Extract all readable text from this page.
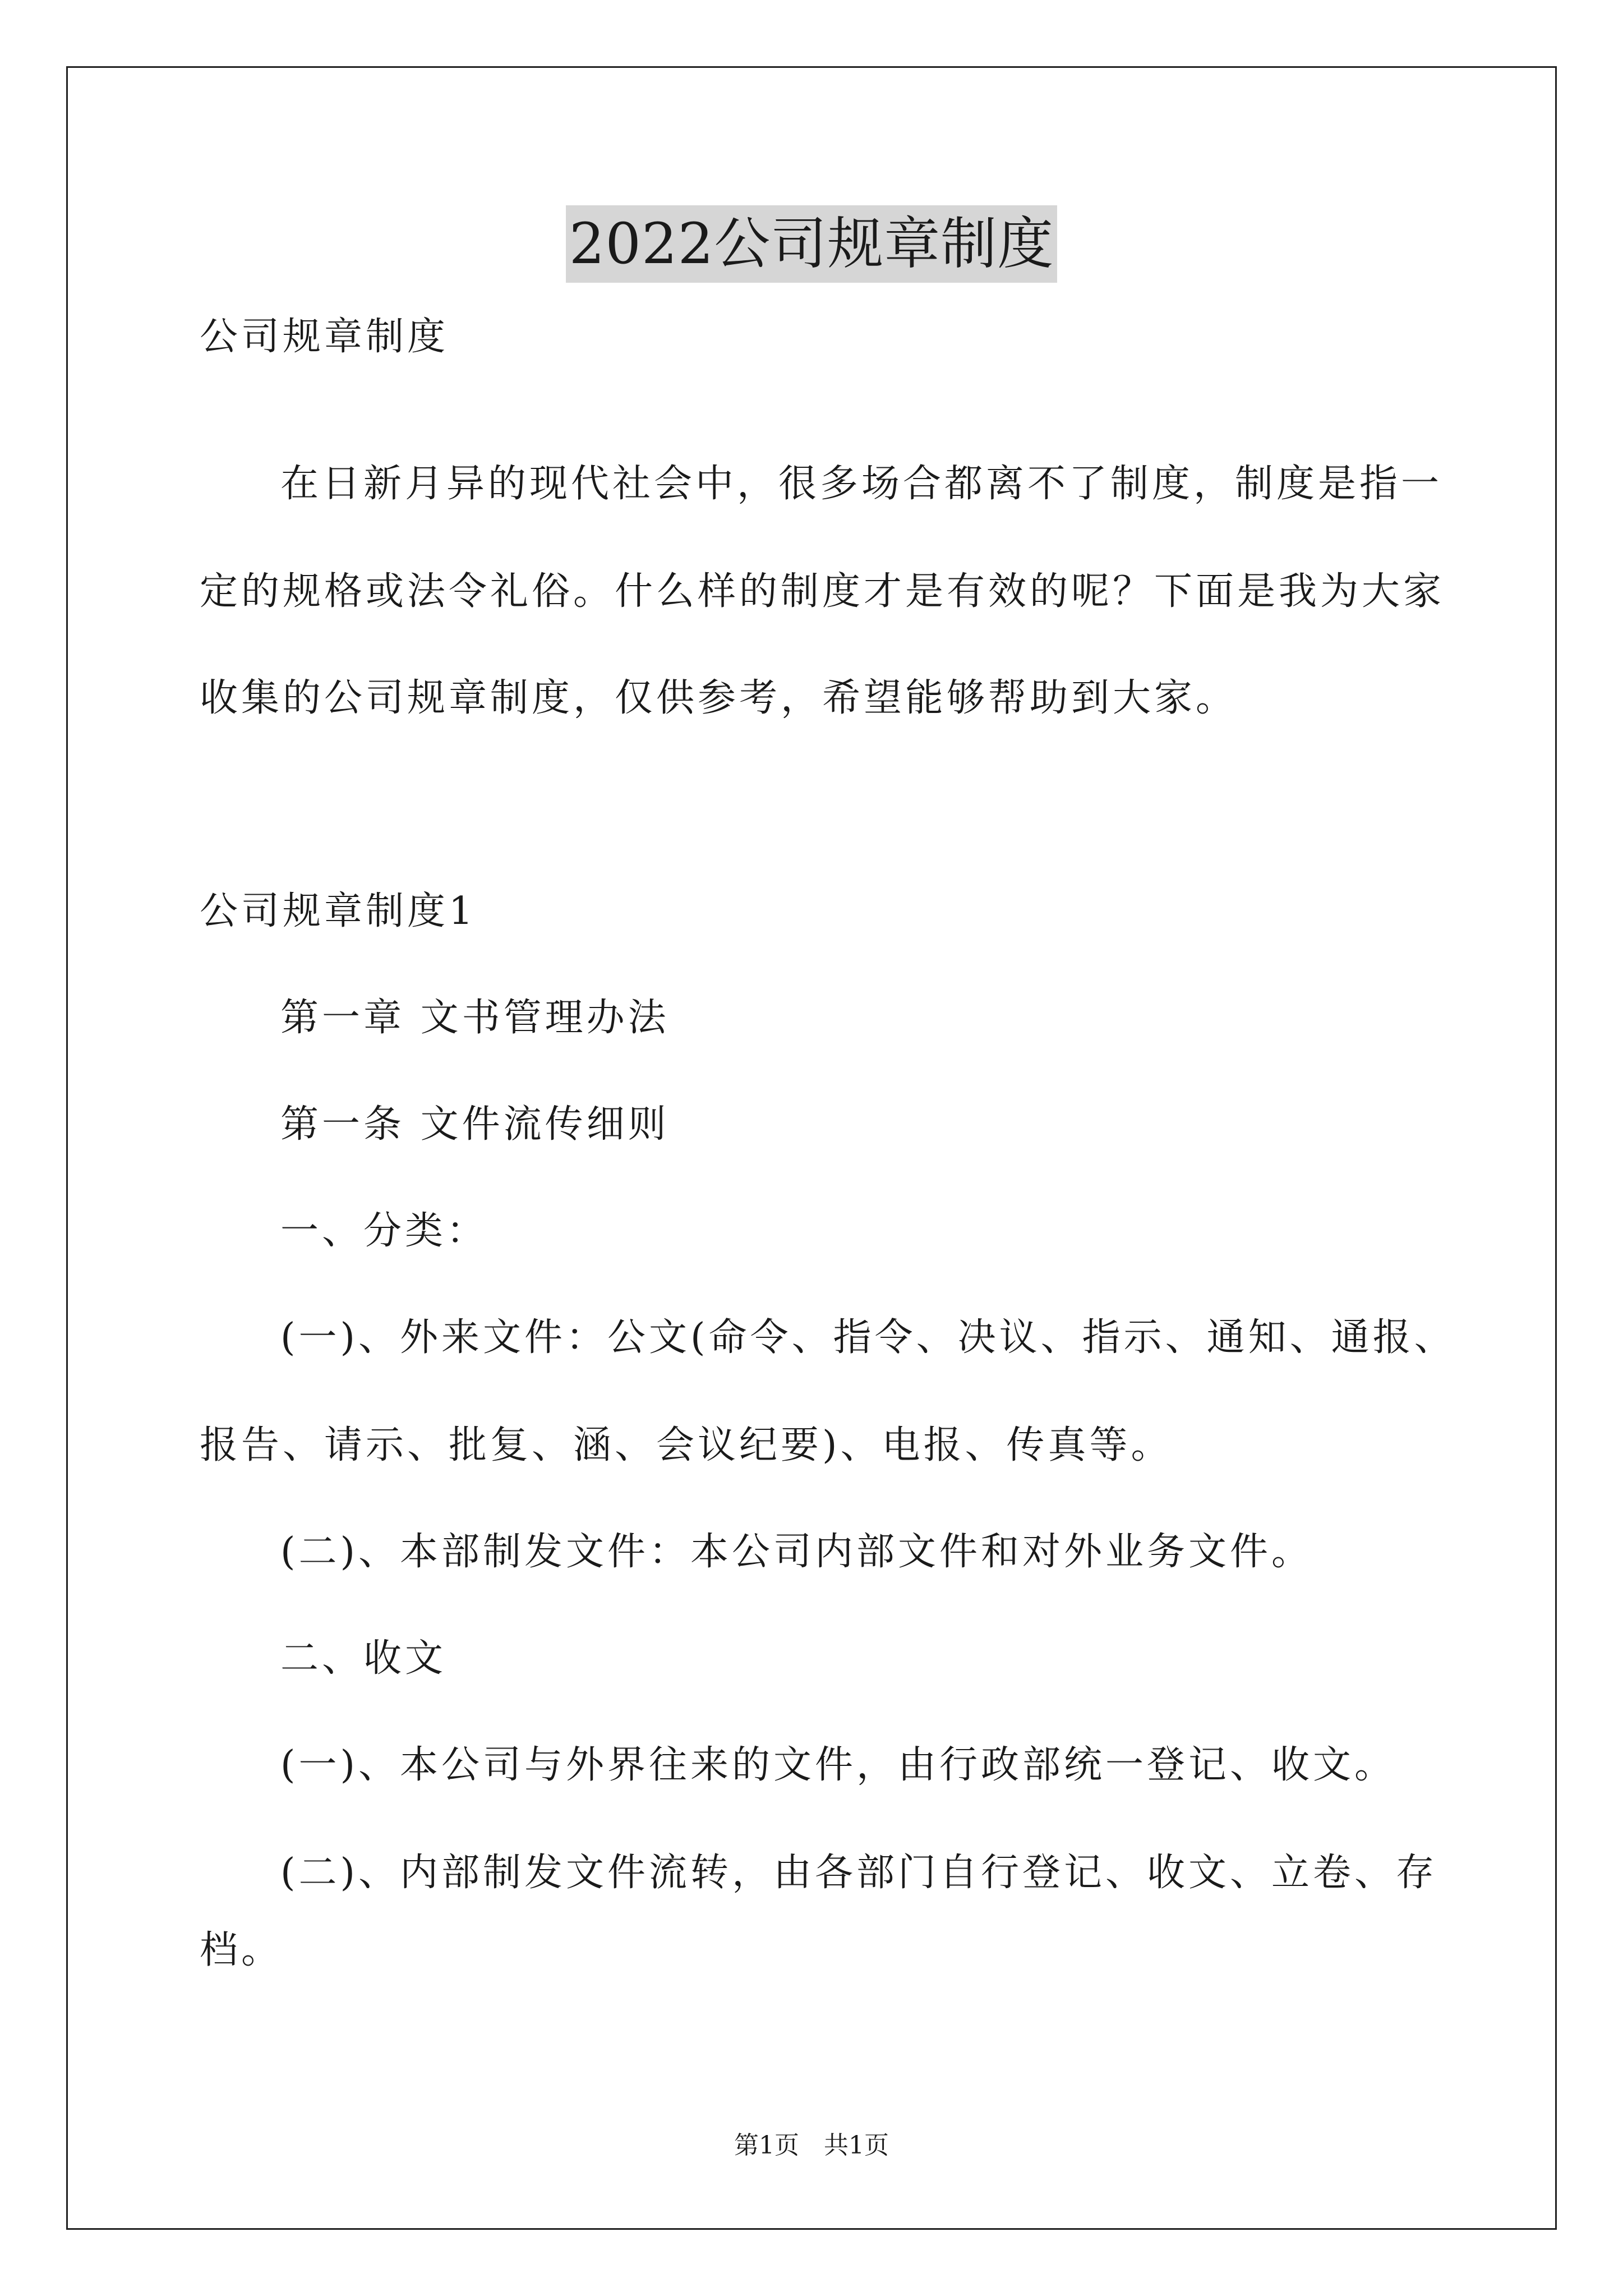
2022公司规章制度
公司规章制度
在日新月异的现代社会中，很多场合都离不了制度，制度是指一
定的规格或法令礼俗。什么样的制度才是有效的呢？下面是我为大家
收集的公司规章制度，仅供参考，希望能够帮助到大家。
公司规章制度1
第一章 文书管理办法
第一条 文件流传细则
一、分类：
(一)、外来文件：公文(命令、指令、决议、指示、通知、通报、
报告、请示、批复、涵、会议纪要)、电报、传真等。
(二)、本部制发文件：本公司内部文件和对外业务文件。
二、收文
(一)、本公司与外界往来的文件，由行政部统一登记、收文。
(二)、内部制发文件流转，由各部门自行登记、收文、立卷、存
档。
第1页　共1页
